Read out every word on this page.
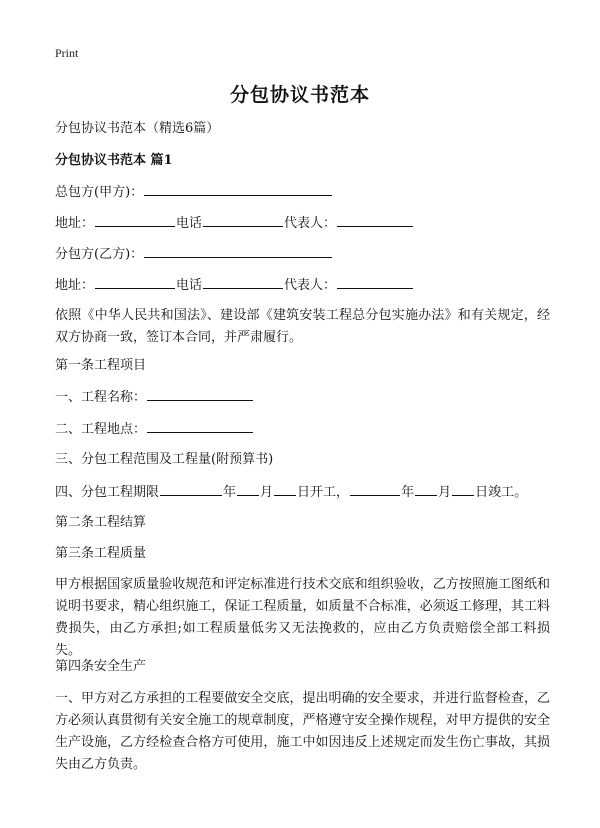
Print
分包协议书范本
分包协议书范本（精选6篇）
分包协议书范本 篇1
总包方(甲方)：
地址：	电话	代表人：
分包方(乙方)：
地址：	电话	代表人：
依照《中华人民共和国法》、建设部《建筑安装工程总分包实施办法》和有关规定，经双方协商一致，签订本合同，并严肃履行。
第一条工程项目
一、工程名称：
二、工程地点：
三、分包工程范围及工程量(附预算书)
四、分包工程期限	年 月 日开工，	年 月 日竣工。
第二条工程结算
第三条工程质量
甲方根据国家质量验收规范和评定标准进行技术交底和组织验收，乙方按照施工图纸和说明书要求，精心组织施工，保证工程质量，如质量不合标准，必须返工修理，其工料费损失，由乙方承担;如工程质量低劣又无法挽救的，应由乙方负责赔偿全部工料损失。
第四条安全生产
一、甲方对乙方承担的工程要做安全交底，提出明确的安全要求，并进行监督检查，乙方必须认真贯彻有关安全施工的规章制度，严格遵守安全操作规程，对甲方提供的安全生产设施，乙方经检查合格方可使用，施工中如因违反上述规定而发生伤亡事故，其损失由乙方负责。
